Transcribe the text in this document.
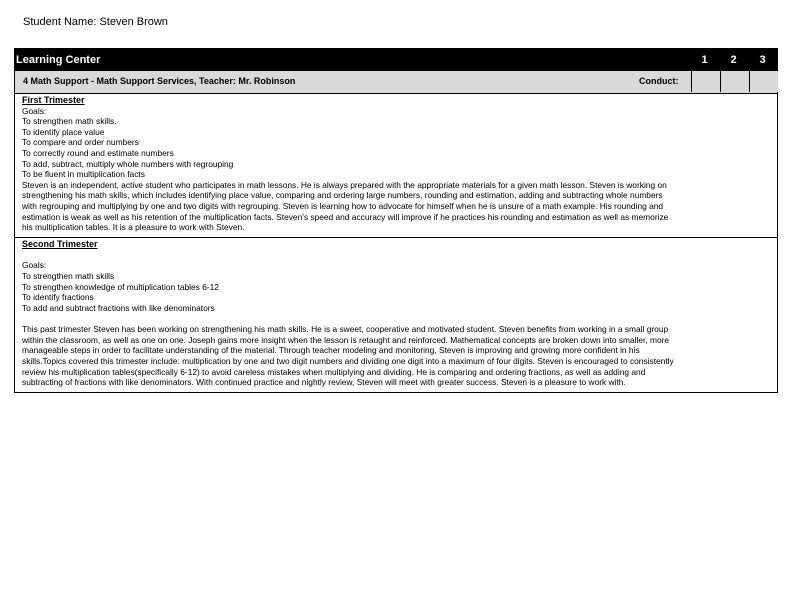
Student Name: Steven Brown
Learning Center	1	2	3
4 Math Support - Math Support Services, Teacher: Mr. Robinson	Conduct:
First Trimester
Goals:
To strengthen math skills.
To identify place value
To compare and order numbers
To correctly round and estimate numbers
To add, subtract, multiply whole numbers with regrouping
To be fluent in multiplication facts
Steven is an independent, active student who participates in math lessons. He is always prepared with the appropriate materials for a given math lesson. Steven is working on
strengthening his math skills, which includes identifying place value, comparing and ordering large numbers, rounding and estimation, adding and subtracting whole numbers
with regrouping and multiplying by one and two digits with regrouping. Steven is learning how to advocate for himself when he is unsure of a math example. His rounding and
estimation is weak as well as his retention of the multiplication facts. Steven's speed and accuracy will improve if he practices his rounding and estimation as well as memorize
his multiplication tables. It is a pleasure to work with Steven.
Second Trimester
Goals:
To strengthen math skills
To strengthen knowledge of multiplication tables 6-12
To identify fractions
To add and subtract fractions with like denominators
This past trimester Steven has been working on strengthening his math skills. He is a sweet, cooperative and motivated student. Steven benefits from working in a small group
within the classroom, as well as one on one. Joseph gains more insight when the lesson is retaught and reinforced. Mathematical concepts are broken down into smaller, more
manageable steps in order to facilitate understanding of the material. Through teacher modeling and monitoring, Steven is improving and growing more confident in his
skills.Topics covered this trimester include: multiplication by one and two digit numbers and dividing one digit into a maximum of four digits. Steven is encouraged to consistently
review his multiplication tables(specifically 6-12) to avoid careless mistakes when multiplying and dividing. He is comparing and ordering fractions, as well as adding and
subtracting of fractions with like denominators. With continued practice and nightly review, Steven will meet with greater success. Steven is a pleasure to work with.
